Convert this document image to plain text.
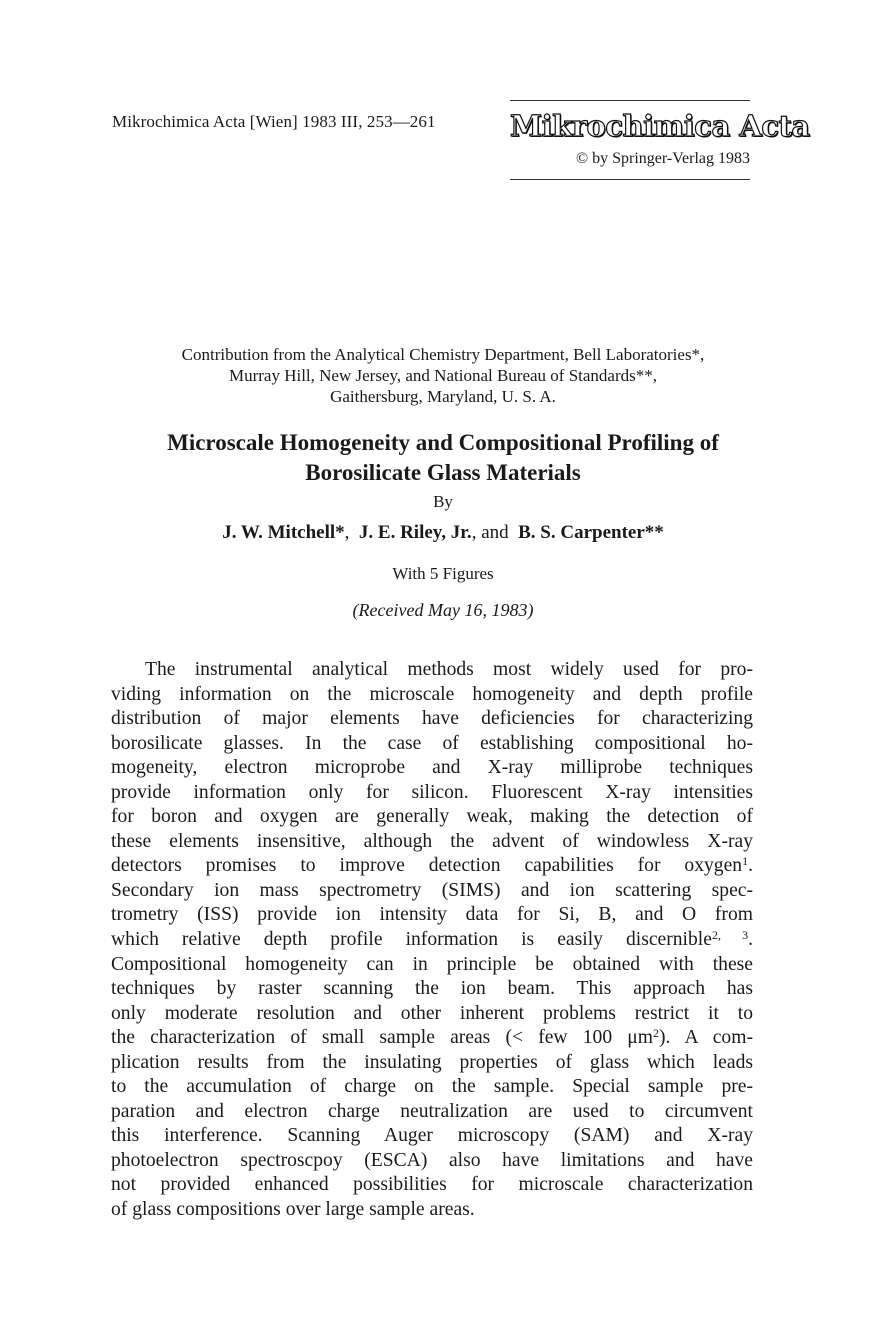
Mikrochimica Acta [Wien] 1983 III, 253—261	Mikrochimica Acta
© by Springer-Verlag 1983
Contribution from the Analytical Chemistry Department, Bell Laboratories*,
Murray Hill, New Jersey, and National Bureau of Standards**,
Gaithersburg, Maryland, U. S. A.
Microscale Homogeneity and Compositional Profiling of
Borosilicate Glass Materials
By
J. W. Mitchell*, J. E. Riley, Jr., and B. S. Carpenter**
With 5 Figures
(Received May 16, 1983)
The instrumental analytical methods most widely used for pro-
viding information on the microscale homogeneity and depth profile
distribution of major elements have deficiencies for characterizing
borosilicate glasses. In the case of establishing compositional ho-
mogeneity, electron microprobe and X-ray milliprobe techniques
provide information only for silicon. Fluorescent X-ray intensities
for boron and oxygen are generally weak, making the detection of
these elements insensitive, although the advent of windowless X-ray
detectors promises to improve detection capabilities for oxygen$^1$.
Secondary ion mass spectrometry (SIMS) and ion scattering spec-
trometry (ISS) provide ion intensity data for Si, B, and O from
which relative depth profile information is easily discernible$^{2, 3}$.
Compositional homogeneity can in principle be obtained with these
techniques by raster scanning the ion beam. This approach has
only moderate resolution and other inherent problems restrict it to
the characterization of small sample areas (< few 100 $\mu m^2$). A com-
plication results from the insulating properties of glass which leads
to the accumulation of charge on the sample. Special sample pre-
paration and electron charge neutralization are used to circumvent
this interference. Scanning Auger microscopy (SAM) and X-ray
photoelectron spectroscpoy (ESCA) also have limitations and have
not provided enhanced possibilities for microscale characterization
of glass compositions over large sample areas.
